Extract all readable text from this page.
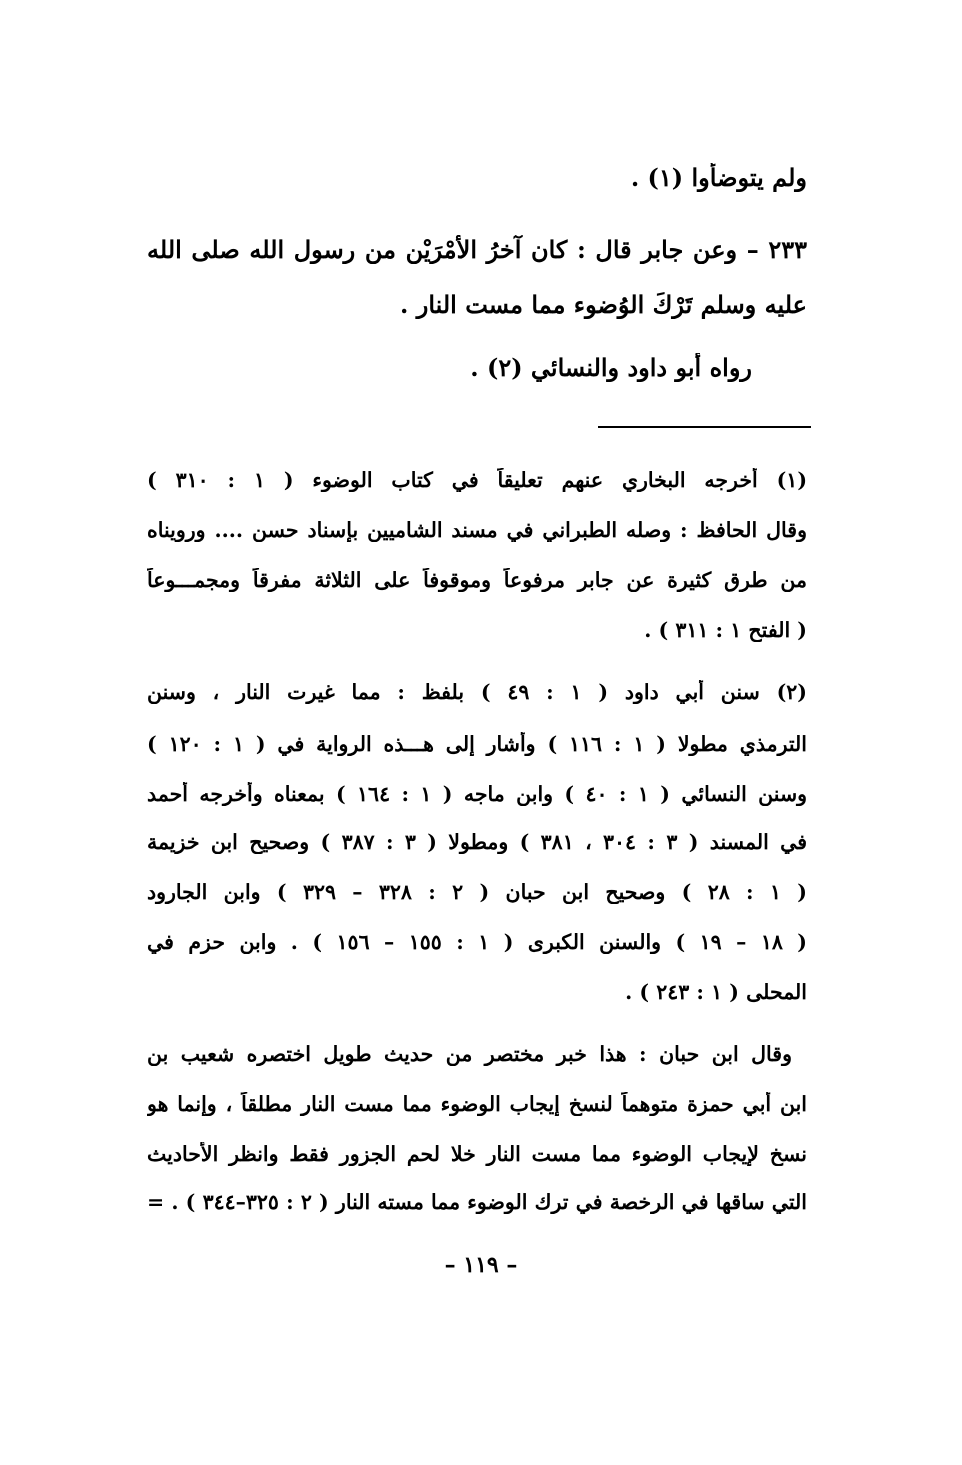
ولم يتوضأوا (١) .
٢٣٣ – وعن جابر قال : كان آخرُ الأمْرَيْن من رسول الله صلى الله
عليه وسلم تَرْكَ الوُضوء مما مست النار .
رواه أبو داود والنسائي (٢) .
(١) أخرجه البخاري عنهم تعليقاً في كتاب الوضوء ( ١ : ٣١٠ )
وقال الحافظ : وصله الطبراني في مسند الشاميين بإسناد حسن .... ورويناه
من طرق كثيرة عن جابر مرفوعاً وموقوفاً على الثلاثة مفرقاً ومجمـــوعاً
( الفتح ١ : ٣١١ ) .
(٢) سنن أبي داود ( ١ : ٤٩ ) بلفظ : مما غيرت النار ، وسنن
الترمذي مطولا ( ١ : ١١٦ ) وأشار إلى هـــذه الرواية في ( ١ : ١٢٠ )
وسنن النسائي ( ١ : ٤٠ ) وابن ماجه ( ١ : ١٦٤ ) بمعناه وأخرجه أحمد
في المسند ( ٣ : ٣٠٤ ، ٣٨١ ) ومطولا ( ٣ : ٣٨٧ ) وصحيح ابن خزيمة
( ١ : ٢٨ ) وصحيح ابن حبان ( ٢ : ٣٢٨ – ٣٢٩ ) وابن الجارود
( ١٨ – ١٩ ) والسنن الكبرى ( ١ : ١٥٥ – ١٥٦ ) . وابن حزم في
المحلى ( ١ : ٢٤٣ ) .
وقال ابن حبان : هذا خبر مختصر من حديث طويل اختصره شعيب بن
ابن أبي حمزة متوهماً لنسخ إيجاب الوضوء مما مست النار مطلقاً ، وإنما هو
نسخ لإيجاب الوضوء مما مست النار خلا لحم الجزور فقط وانظر الأحاديث
التي ساقها في الرخصة في ترك الوضوء مما مسته النار ( ٢ : ٣٢٥–٣٤٤ ) . =
– ١١٩ –
